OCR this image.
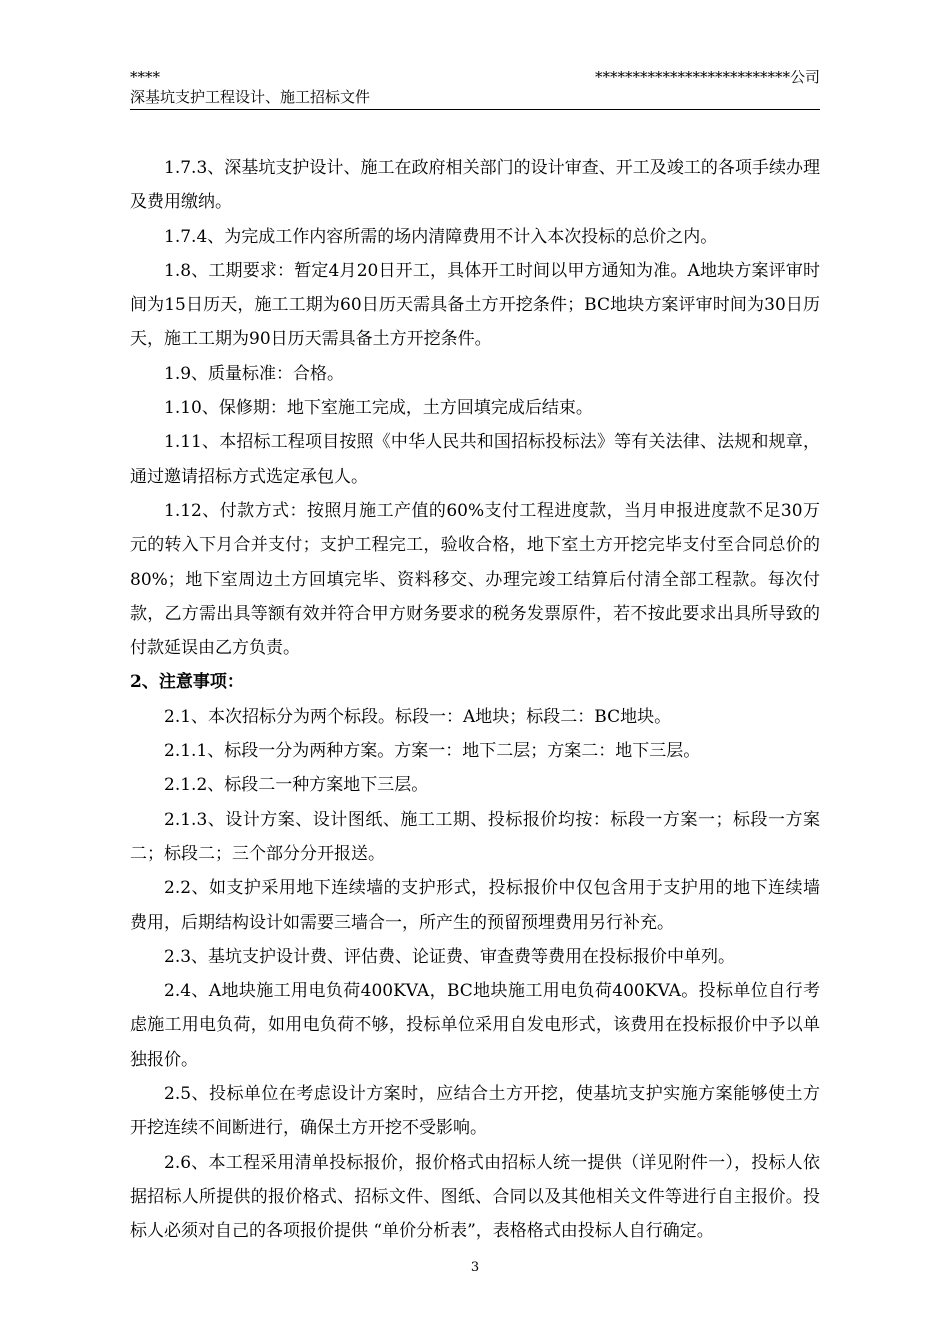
****	**************************公司
深基坑支护工程设计、施工招标文件

1.7.3、深基坑支护设计、施工在政府相关部门的设计审查、开工及竣工的各项手续办理及费用缴纳。

1.7.4、为完成工作内容所需的场内清障费用不计入本次投标的总价之内。

1.8、工期要求：暂定4月20日开工，具体开工时间以甲方通知为准。A地块方案评审时间为15日历天，施工工期为60日历天需具备土方开挖条件；BC地块方案评审时间为30日历天，施工工期为90日历天需具备土方开挖条件。

1.9、质量标准：合格。

1.10、保修期：地下室施工完成，土方回填完成后结束。

1.11、本招标工程项目按照《中华人民共和国招标投标法》等有关法律、法规和规章，通过邀请招标方式选定承包人。

1.12、付款方式：按照月施工产值的60%支付工程进度款，当月申报进度款不足30万元的转入下月合并支付；支护工程完工，验收合格，地下室土方开挖完毕支付至合同总价的80%；地下室周边土方回填完毕、资料移交、办理完竣工结算后付清全部工程款。每次付款，乙方需出具等额有效并符合甲方财务要求的税务发票原件，若不按此要求出具所导致的付款延误由乙方负责。

2、注意事项：

2.1、本次招标分为两个标段。标段一：A地块；标段二：BC地块。

2.1.1、标段一分为两种方案。方案一：地下二层；方案二：地下三层。

2.1.2、标段二一种方案地下三层。

2.1.3、设计方案、设计图纸、施工工期、投标报价均按：标段一方案一；标段一方案二；标段二；三个部分分开报送。

2.2、如支护采用地下连续墙的支护形式，投标报价中仅包含用于支护用的地下连续墙费用，后期结构设计如需要三墙合一，所产生的预留预埋费用另行补充。

2.3、基坑支护设计费、评估费、论证费、审查费等费用在投标报价中单列。

2.4、A地块施工用电负荷400KVA，BC地块施工用电负荷400KVA。投标单位自行考虑施工用电负荷，如用电负荷不够，投标单位采用自发电形式，该费用在投标报价中予以单独报价。

2.5、投标单位在考虑设计方案时，应结合土方开挖，使基坑支护实施方案能够使土方开挖连续不间断进行，确保土方开挖不受影响。

2.6、本工程采用清单投标报价，报价格式由招标人统一提供（详见附件一），投标人依据招标人所提供的报价格式、招标文件、图纸、合同以及其他相关文件等进行自主报价。投标人必须对自己的各项报价提供 “单价分析表”，表格格式由投标人自行确定。

3
